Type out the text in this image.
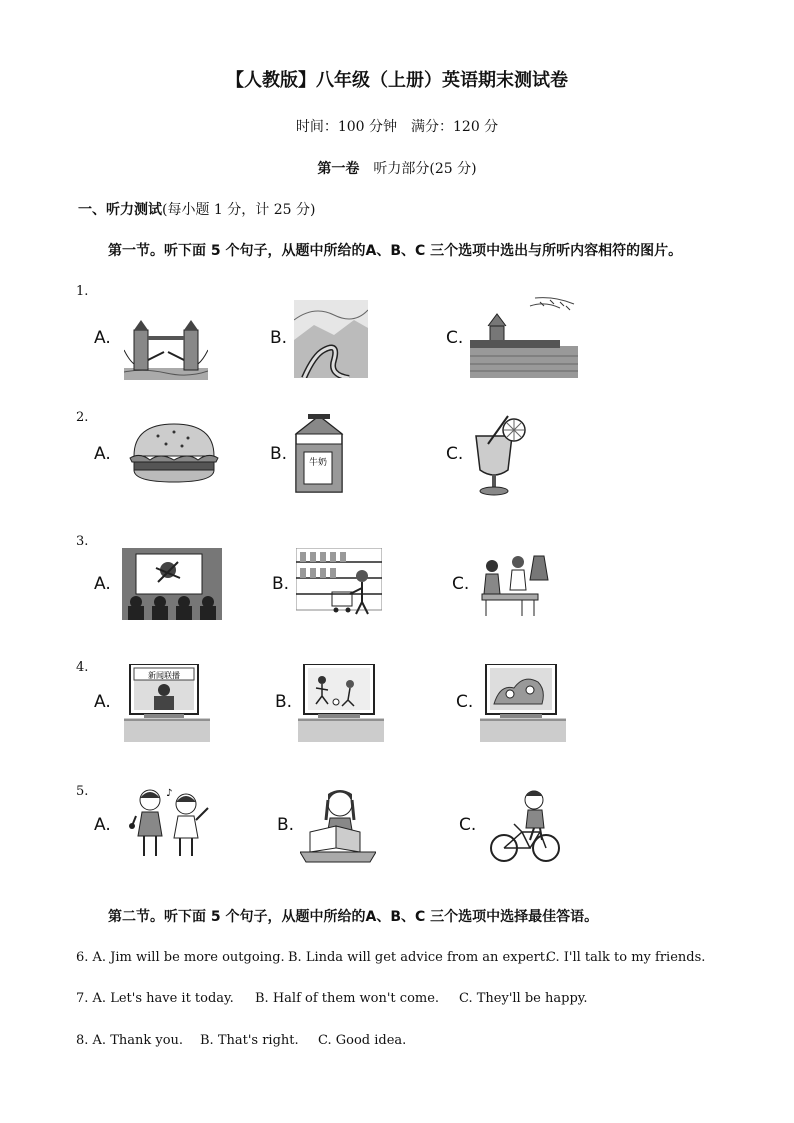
【人教版】八年级（上册）英语期末测试卷
时间：100 分钟　满分：120 分
第一卷 听力部分(25 分)
一、听力测试(每小题 1 分，计 25 分)
第一节。听下面 5 个句子，从题中所给的A、B、C 三个选项中选出与所听内容相符的图片。
1.
A.	B.	C.
2.
A.	B.	C.
牛奶
3.
A.	B.	C.
4.
A.	B.	C.
新闻联播
5.
A.	B.	C.
♪
第二节。听下面 5 个句子，从题中所给的A、B、C 三个选项中选择最佳答语。
6. A. Jim will be more outgoing. B. Linda will get advice from an expert.
C. I'll talk to my friends.
7. A. Let's have it today. B. Half of them won't come. C. They'll be happy.
8. A. Thank you. B. That's right. C. Good idea.
